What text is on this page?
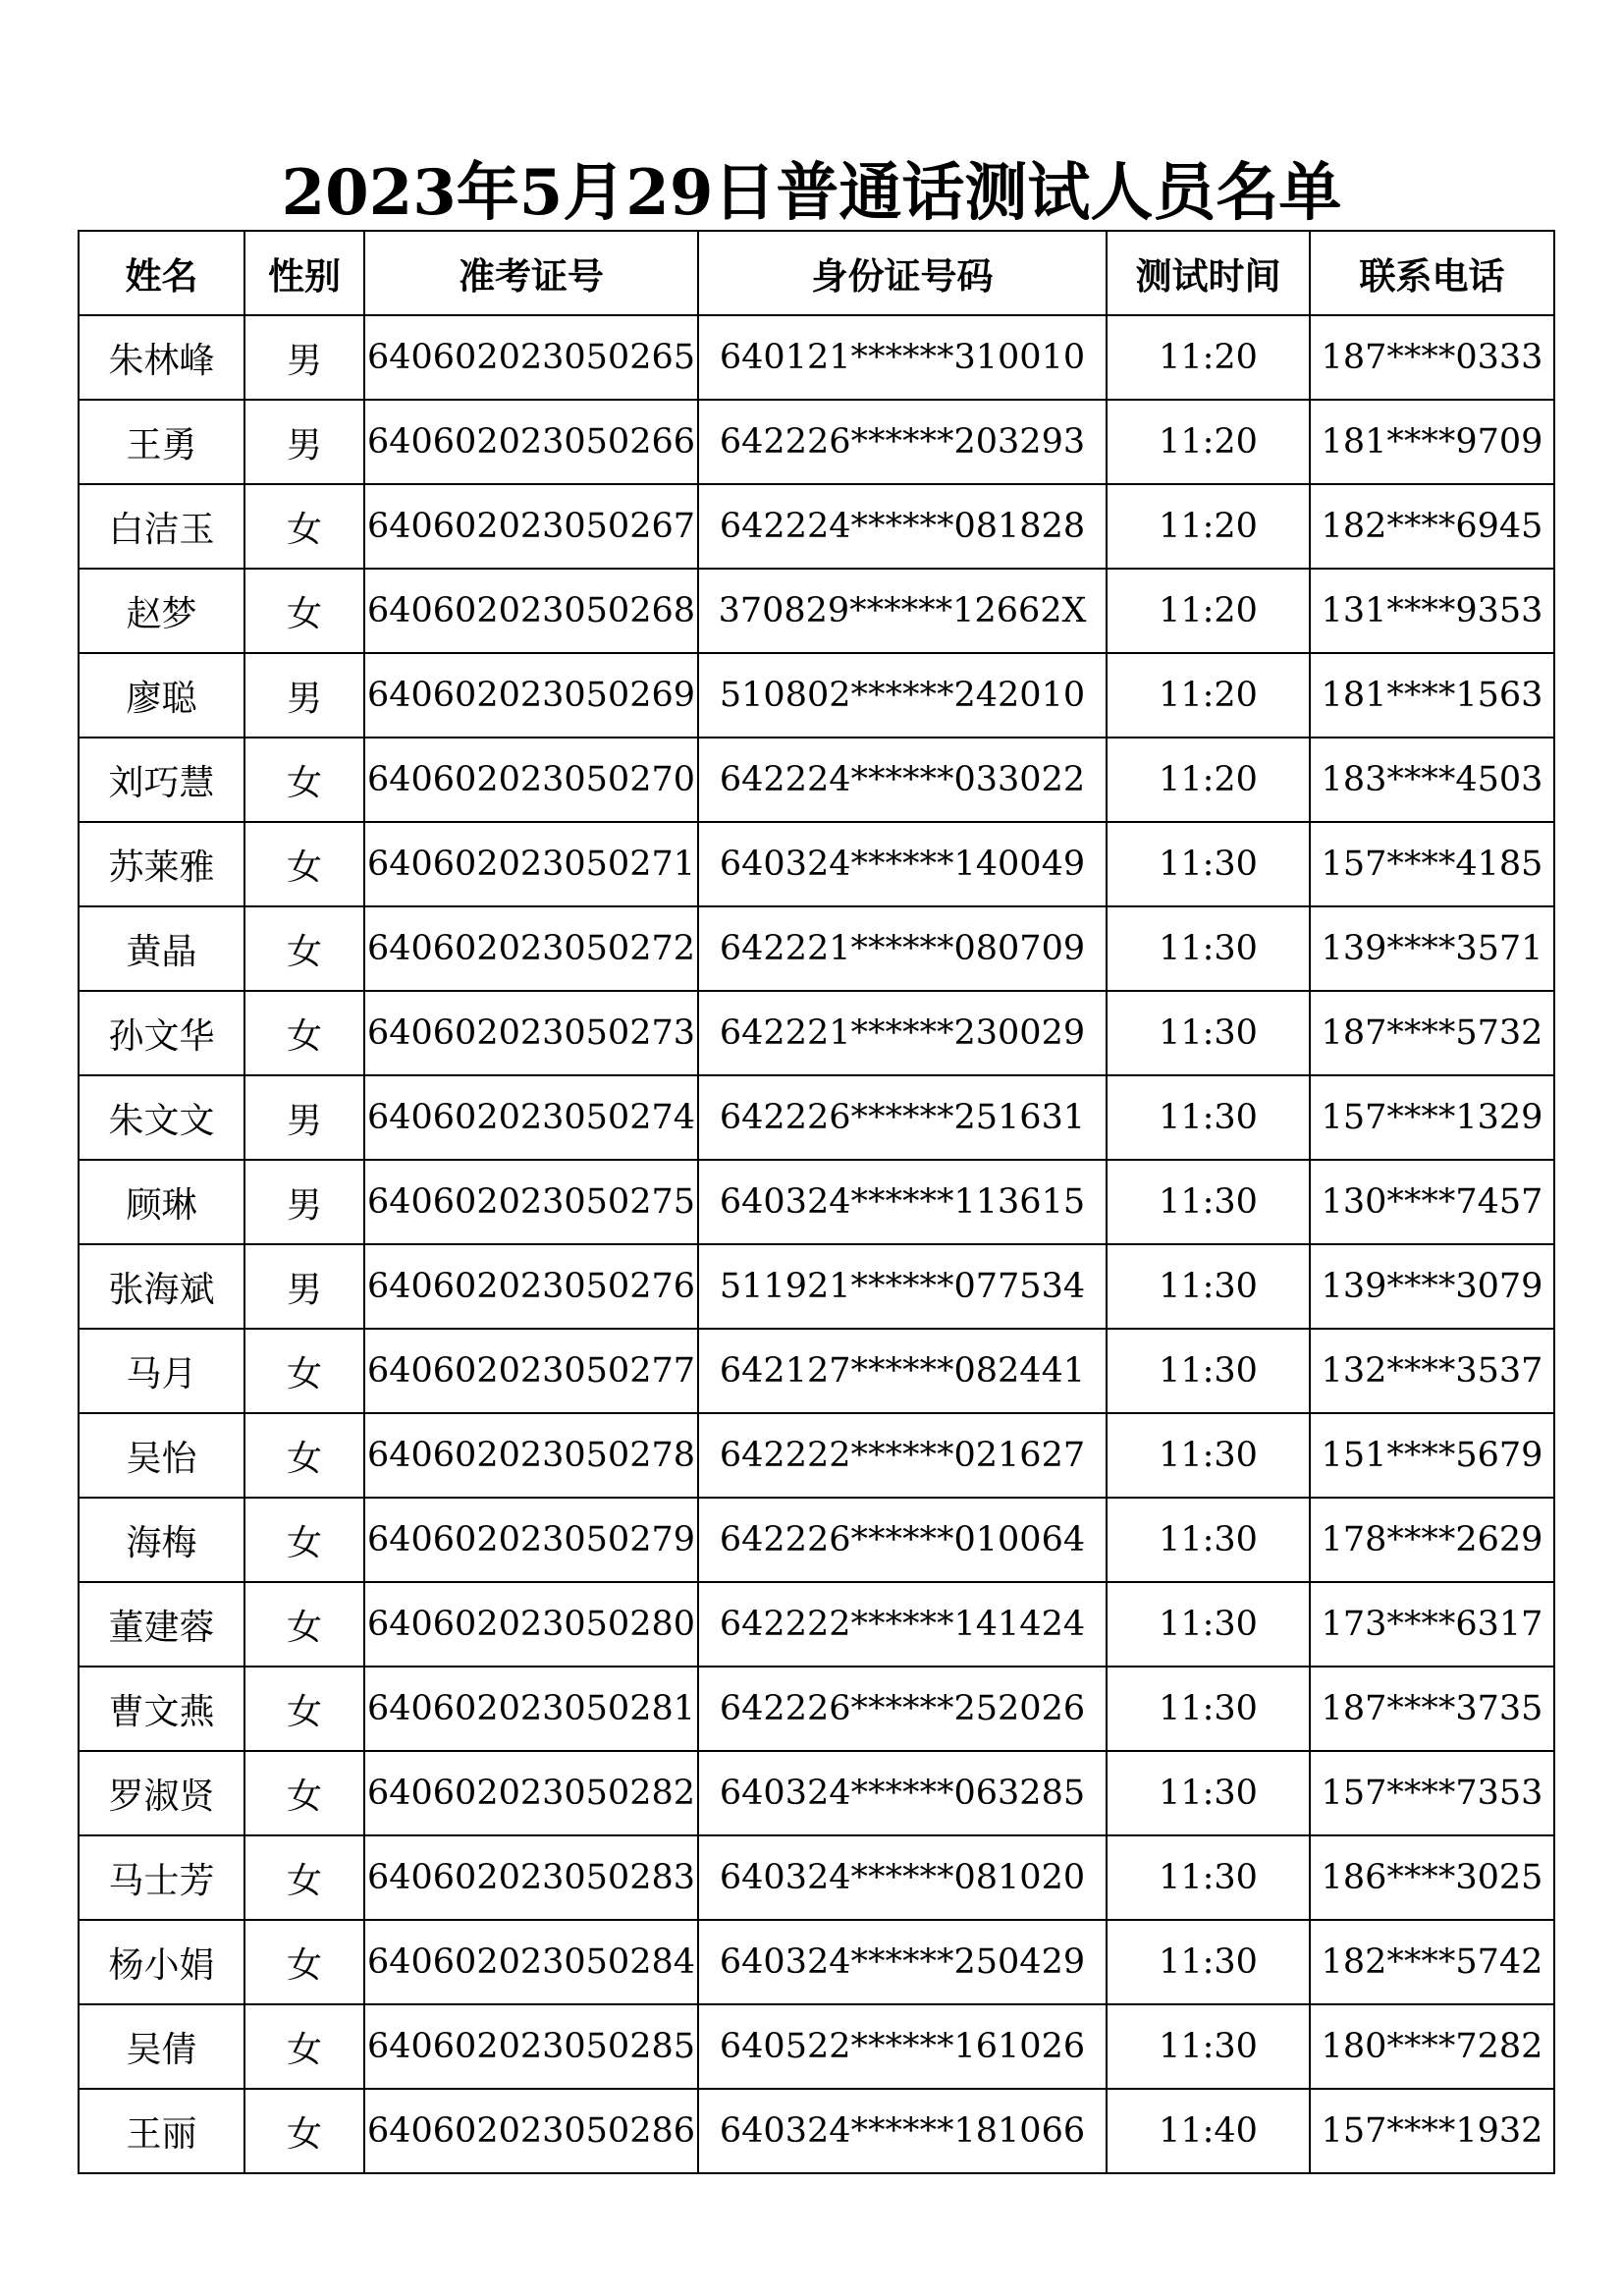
2023年5月29日普通话测试人员名单
姓名	性别	准考证号	身份证号码	测试时间	联系电话
朱林峰	男	640602023050265	640121******310010	11:20	187****0333
王勇	男	640602023050266	642226******203293	11:20	181****9709
白洁玉	女	640602023050267	642224******081828	11:20	182****6945
赵梦	女	640602023050268	370829******12662X	11:20	131****9353
廖聪	男	640602023050269	510802******242010	11:20	181****1563
刘巧慧	女	640602023050270	642224******033022	11:20	183****4503
苏莱雅	女	640602023050271	640324******140049	11:30	157****4185
黄晶	女	640602023050272	642221******080709	11:30	139****3571
孙文华	女	640602023050273	642221******230029	11:30	187****5732
朱文文	男	640602023050274	642226******251631	11:30	157****1329
顾琳	男	640602023050275	640324******113615	11:30	130****7457
张海斌	男	640602023050276	511921******077534	11:30	139****3079
马月	女	640602023050277	642127******082441	11:30	132****3537
吴怡	女	640602023050278	642222******021627	11:30	151****5679
海梅	女	640602023050279	642226******010064	11:30	178****2629
董建蓉	女	640602023050280	642222******141424	11:30	173****6317
曹文燕	女	640602023050281	642226******252026	11:30	187****3735
罗淑贤	女	640602023050282	640324******063285	11:30	157****7353
马士芳	女	640602023050283	640324******081020	11:30	186****3025
杨小娟	女	640602023050284	640324******250429	11:30	182****5742
吴倩	女	640602023050285	640522******161026	11:30	180****7282
王丽	女	640602023050286	640324******181066	11:40	157****1932
